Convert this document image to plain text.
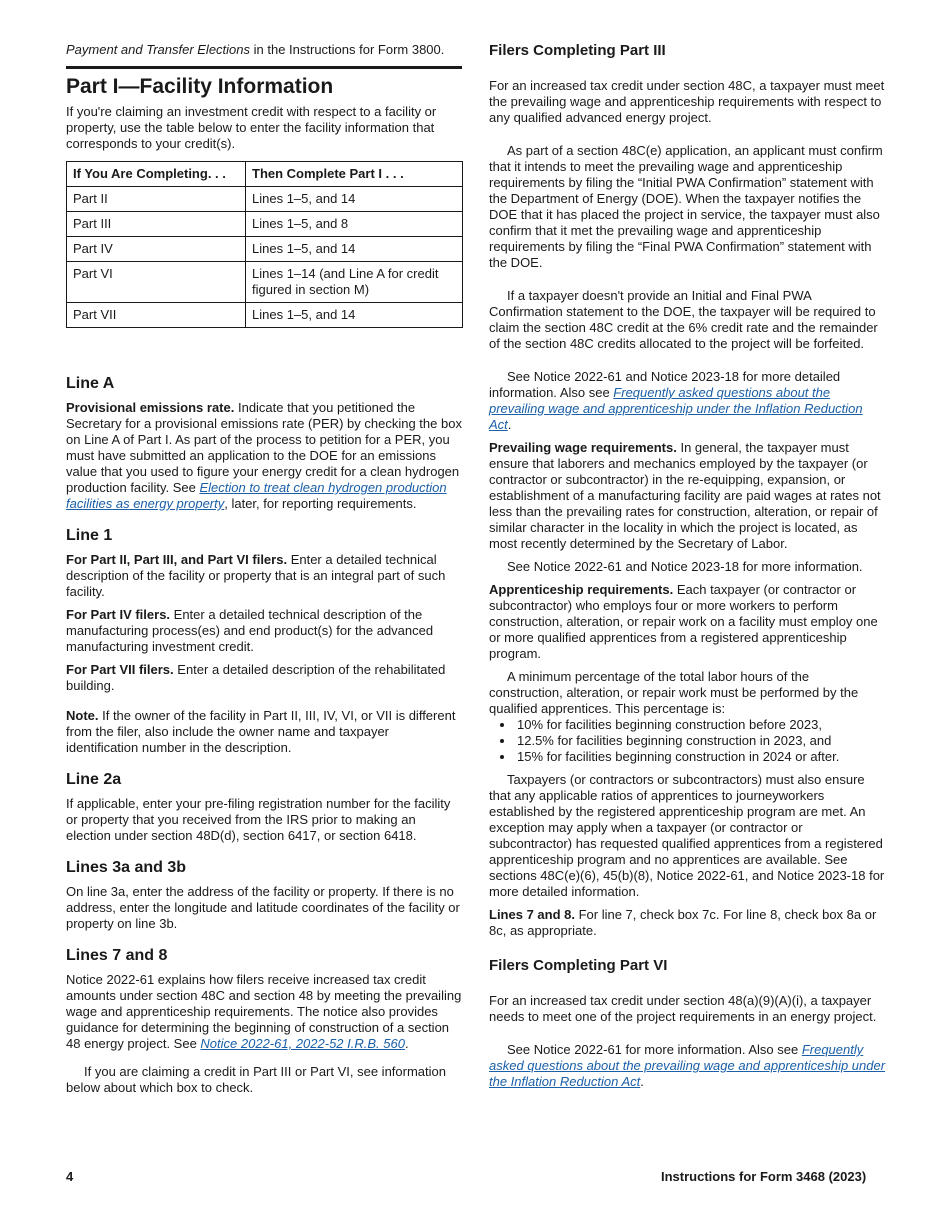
Payment and Transfer Elections in the Instructions for Form 3800.

Part I—Facility Information

If you're claiming an investment credit with respect to a facility or property, use the table below to enter the facility information that corresponds to your credit(s).

If You Are Completing. . .	Then Complete Part I . . .
Part II	Lines 1–5, and 14
Part III	Lines 1–5, and 8
Part IV	Lines 1–5, and 14
Part VI	Lines 1–14 (and Line A for credit figured in section M)
Part VII	Lines 1–5, and 14
Line A

Provisional emissions rate. Indicate that you petitioned the Secretary for a provisional emissions rate (PER) by checking the box on Line A of Part I. As part of the process to petition for a PER, you must have submitted an application to the DOE for an emissions value that you used to figure your energy credit for a clean hydrogen production facility. See Election to treat clean hydrogen production facilities as energy property, later, for reporting requirements.

Line 1

For Part II, Part III, and Part VI filers. Enter a detailed technical description of the facility or property that is an integral part of such facility.

For Part IV filers. Enter a detailed technical description of the manufacturing process(es) and end product(s) for the advanced manufacturing investment credit.

For Part VII filers. Enter a detailed description of the rehabilitated building.

Note. If the owner of the facility in Part II, III, IV, VI, or VII is different from the filer, also include the owner name and taxpayer identification number in the description.

Line 2a

If applicable, enter your pre-filing registration number for the facility or property that you received from the IRS prior to making an election under section 48D(d), section 6417, or section 6418.

Lines 3a and 3b

On line 3a, enter the address of the facility or property. If there is no address, enter the longitude and latitude coordinates of the facility or property on line 3b.

Lines 7 and 8

Notice 2022-61 explains how filers receive increased tax credit amounts under section 48C and section 48 by meeting the prevailing wage and apprenticeship requirements. The notice also provides guidance for determining the beginning of construction of a section 48 energy project. See Notice 2022-61, 2022-52 I.R.B. 560.

If you are claiming a credit in Part III or Part VI, see information below about which box to check.

Filers Completing Part III

For an increased tax credit under section 48C, a taxpayer must meet the prevailing wage and apprenticeship requirements with respect to any qualified advanced energy project.

As part of a section 48C(e) application, an applicant must confirm that it intends to meet the prevailing wage and apprenticeship requirements by filing the “Initial PWA Confirmation” statement with the Department of Energy (DOE). When the taxpayer notifies the DOE that it has placed the project in service, the taxpayer must also confirm that it met the prevailing wage and apprenticeship requirements by filing the “Final PWA Confirmation” statement with the DOE.

If a taxpayer doesn't provide an Initial and Final PWA Confirmation statement to the DOE, the taxpayer will be required to claim the section 48C credit at the 6% credit rate and the remainder of the section 48C credits allocated to the project will be forfeited.

See Notice 2022-61 and Notice 2023-18 for more detailed information. Also see Frequently asked questions about the prevailing wage and apprenticeship under the Inflation Reduction Act.

Prevailing wage requirements. In general, the taxpayer must ensure that laborers and mechanics employed by the taxpayer (or contractor or subcontractor) in the re-equipping, expansion, or establishment of a manufacturing facility are paid wages at rates not less than the prevailing rates for construction, alteration, or repair of similar character in the locality in which the project is located, as most recently determined by the Secretary of Labor.

See Notice 2022-61 and Notice 2023-18 for more information.

Apprenticeship requirements. Each taxpayer (or contractor or subcontractor) who employs four or more workers to perform construction, alteration, or repair work on a facility must employ one or more qualified apprentices from a registered apprenticeship program.

A minimum percentage of the total labor hours of the construction, alteration, or repair work must be performed by the qualified apprentices. This percentage is:

• 10% for facilities beginning construction before 2023,
• 12.5% for facilities beginning construction in 2023, and
• 15% for facilities beginning construction in 2024 or after.

Taxpayers (or contractors or subcontractors) must also ensure that any applicable ratios of apprentices to journeyworkers established by the registered apprenticeship program are met. An exception may apply when a taxpayer (or contractor or subcontractor) has requested qualified apprentices from a registered apprenticeship program and no apprentices are available. See sections 48C(e)(6), 45(b)(8), Notice 2022-61, and Notice 2023-18 for more detailed information.

Lines 7 and 8. For line 7, check box 7c. For line 8, check box 8a or 8c, as appropriate.

Filers Completing Part VI

For an increased tax credit under section 48(a)(9)(A)(i), a taxpayer needs to meet one of the project requirements in an energy project.

See Notice 2022-61 for more information. Also see Frequently asked questions about the prevailing wage and apprenticeship under the Inflation Reduction Act.

4	Instructions for Form 3468 (2023)
